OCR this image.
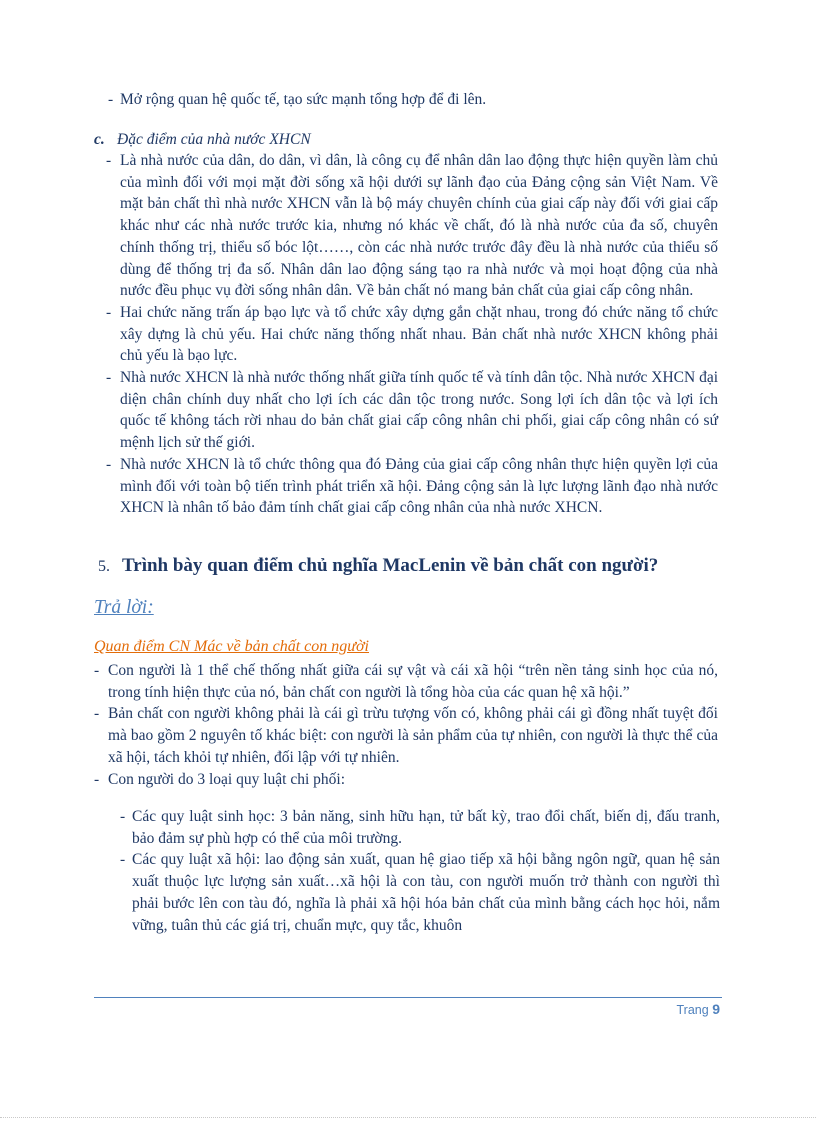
- Mở rộng quan hệ quốc tế, tạo sức mạnh tổng hợp để đi lên.

c. Đặc điểm của nhà nước XHCN
- Là nhà nước của dân, do dân, vì dân, là công cụ để nhân dân lao động thực hiện quyền làm chủ của mình đối với mọi mặt đời sống xã hội dưới sự lãnh đạo của Đảng cộng sản Việt Nam. Về mặt bản chất thì nhà nước XHCN vẫn là bộ máy chuyên chính của giai cấp này đối với giai cấp khác như các nhà nước trước kia, nhưng nó khác về chất, đó là nhà nước của đa số, chuyên chính thống trị, thiểu số bóc lột……, còn các nhà nước trước đây đều là nhà nước của thiểu số dùng để thống trị đa số. Nhân dân lao động sáng tạo ra nhà nước và mọi hoạt động của nhà nước đều phục vụ đời sống nhân dân. Về bản chất nó mang bản chất của giai cấp công nhân.

- Hai chức năng trấn áp bạo lực và tổ chức xây dựng gắn chặt nhau, trong đó chức năng tổ chức xây dựng là chủ yếu. Hai chức năng thống nhất nhau. Bản chất nhà nước XHCN không phải chủ yếu là bạo lực.

- Nhà nước XHCN là nhà nước thống nhất giữa tính quốc tế và tính dân tộc. Nhà nước XHCN đại diện chân chính duy nhất cho lợi ích các dân tộc trong nước. Song lợi ích dân tộc và lợi ích quốc tế không tách rời nhau do bản chất giai cấp công nhân chi phối, giai cấp công nhân có sứ mệnh lịch sử thế giới.

- Nhà nước XHCN là tổ chức thông qua đó Đảng của giai cấp công nhân thực hiện quyền lợi của mình đối với toàn bộ tiến trình phát triển xã hội. Đảng cộng sản là lực lượng lãnh đạo nhà nước XHCN là nhân tố bảo đảm tính chất giai cấp công nhân của nhà nước XHCN.

5. Trình bày quan điểm chủ nghĩa MacLenin về bản chất con người?
Trả lời:
Quan điểm CN Mác về bản chất con người
- Con người là 1 thể chế thống nhất giữa cái sự vật và cái xã hội “trên nền tảng sinh học của nó, trong tính hiện thực của nó, bản chất con người là tổng hòa của các quan hệ xã hội.”

- Bản chất con người không phải là cái gì trừu tượng vốn có, không phải cái gì đồng nhất tuyệt đối mà bao gồm 2 nguyên tố khác biệt: con người là sản phẩm của tự nhiên, con người là thực thể của xã hội, tách khỏi tự nhiên, đối lập với tự nhiên.

- Con người do 3 loại quy luật chi phối:

- Các quy luật sinh học: 3 bản năng, sinh hữu hạn, tử bất kỳ, trao đổi chất, biến dị, đấu tranh, bảo đảm sự phù hợp có thể của môi trường.

- Các quy luật xã hội: lao động sản xuất, quan hệ giao tiếp xã hội bằng ngôn ngữ, quan hệ sản xuất thuộc lực lượng sản xuất…xã hội là con tàu, con người muốn trở thành con người thì phải bước lên con tàu đó, nghĩa là phải xã hội hóa bản chất của mình bằng cách học hỏi, nắm vững, tuân thủ các giá trị, chuẩn mực, quy tắc, khuôn

Trang 9
